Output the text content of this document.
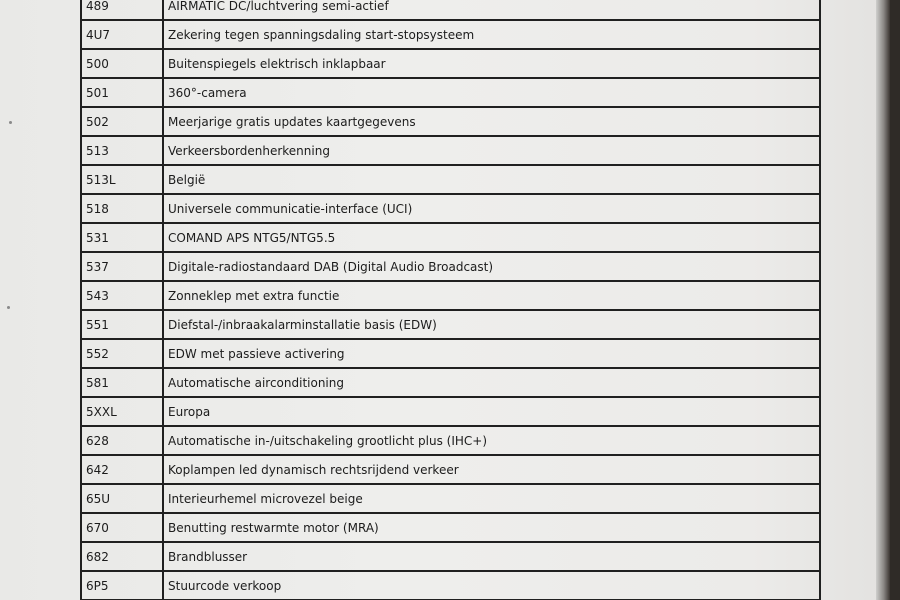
489	AIRMATIC DC/luchtvering semi-actief
4U7	Zekering tegen spanningsdaling start-stopsysteem
500	Buitenspiegels elektrisch inklapbaar
501	360°-camera
502	Meerjarige gratis updates kaartgegevens
513	Verkeersbordenherkenning
513L	België
518	Universele communicatie-interface (UCI)
531	COMAND APS NTG5/NTG5.5
537	Digitale-radiostandaard DAB (Digital Audio Broadcast)
543	Zonneklep met extra functie
551	Diefstal-/inbraakalarminstallatie basis (EDW)
552	EDW met passieve activering
581	Automatische airconditioning
5XXL	Europa
628	Automatische in-/uitschakeling grootlicht plus (IHC+)
642	Koplampen led dynamisch rechtsrijdend verkeer
65U	Interieurhemel microvezel beige
670	Benutting restwarmte motor (MRA)
682	Brandblusser
6P5	Stuurcode verkoop
